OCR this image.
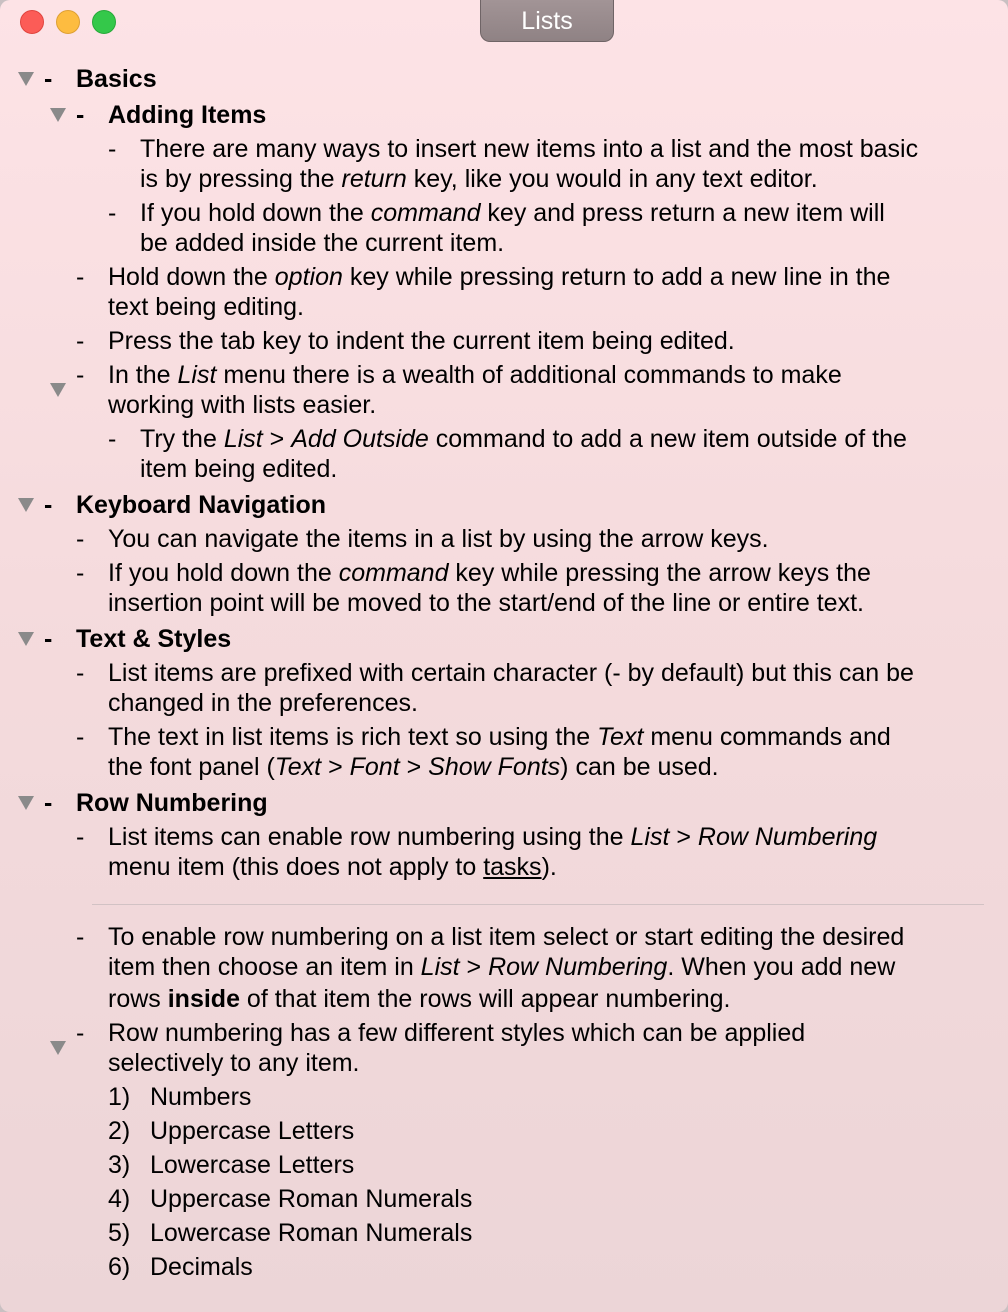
Lists
- Basics
- Adding Items
- There are many ways to insert new items into a list and the most basic
is by pressing the return key, like you would in any text editor.
- If you hold down the command key and press return a new item will
be added inside the current item.
- Hold down the option key while pressing return to add a new line in the
text being editing.
- Press the tab key to indent the current item being edited.
- In the List menu there is a wealth of additional commands to make
working with lists easier.
- Try the List > Add Outside command to add a new item outside of the
item being edited.
- Keyboard Navigation
- You can navigate the items in a list by using the arrow keys.
- If you hold down the command key while pressing the arrow keys the
insertion point will be moved to the start/end of the line or entire text.
- Text & Styles
- List items are prefixed with certain character (- by default) but this can be
changed in the preferences.
- The text in list items is rich text so using the Text menu commands and
the font panel (Text > Font > Show Fonts) can be used.
- Row Numbering
- List items can enable row numbering using the List > Row Numbering
menu item (this does not apply to tasks).
- To enable row numbering on a list item select or start editing the desired
item then choose an item in List > Row Numbering. When you add new
rows inside of that item the rows will appear numbering.
- Row numbering has a few different styles which can be applied
selectively to any item.
1) Numbers
2) Uppercase Letters
3) Lowercase Letters
4) Uppercase Roman Numerals
5) Lowercase Roman Numerals
6) Decimals
